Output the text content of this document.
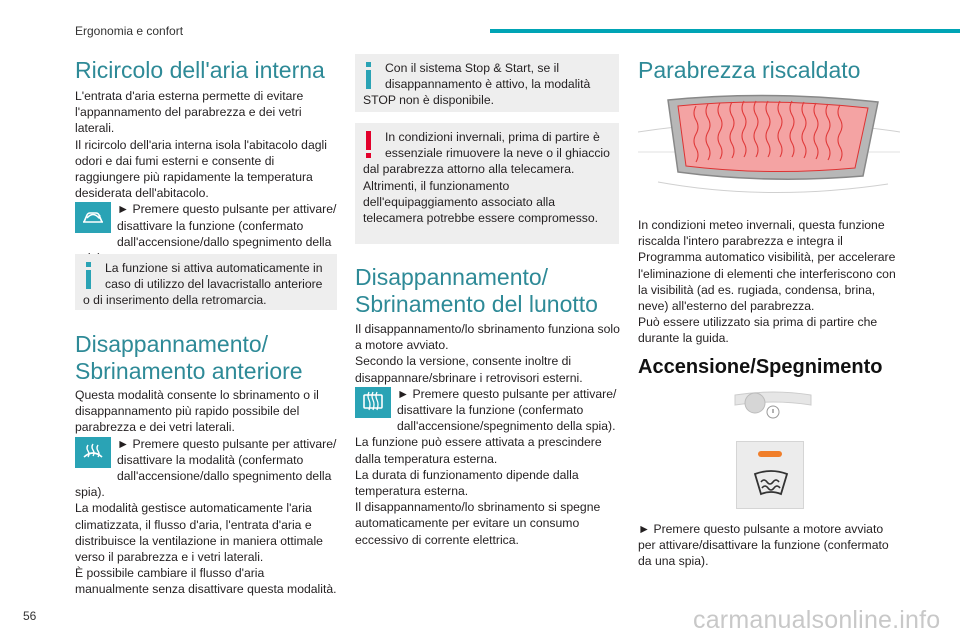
Ergonomia e confort
Ricircolo dell'aria interna

L'entrata d'aria esterna permette di evitare l'appannamento del parabrezza e dei vetri laterali.

Il ricircolo dell'aria interna isola l'abitacolo dagli odori e dai fumi esterni e consente di raggiungere più rapidamente la temperatura desiderata dell'abitacolo.

► Premere questo pulsante per attivare/ disattivare la funzione (confermato dall'accensione/dallo spegnimento della

La funzione si attiva automaticamente in caso di utilizzo del lavacristallo anteriore o di inserimento della retromarcia.

Disappannamento/
Sbrinamento anteriore

Questa modalità consente lo sbrinamento o il disappannamento più rapido possibile del parabrezza e dei vetri laterali.

► Premere questo pulsante per attivare/ disattivare la modalità (confermato dall'accensione/dallo spegnimento della spia).

La modalità gestisce automaticamente l'aria climatizzata, il flusso d'aria, l'entrata d'aria e distribuisce la ventilazione in maniera ottimale verso il parabrezza e i vetri laterali.

È possibile cambiare il flusso d'aria manualmente senza disattivare questa modalità.

Con il sistema Stop & Start, se il disappannamento è attivo, la modalità STOP non è disponibile.

In condizioni invernali, prima di partire è essenziale rimuovere la neve o il ghiaccio dal parabrezza attorno alla telecamera. Altrimenti, il funzionamento dell'equipaggiamento associato alla telecamera potrebbe essere compromesso.

Disappannamento/
Sbrinamento del lunotto

Il disappannamento/lo sbrinamento funziona solo a motore avviato.

Secondo la versione, consente inoltre di disappannare/sbrinare i retrovisori esterni.

► Premere questo pulsante per attivare/ disattivare la funzione (confermato dall'accensione/spegnimento della spia).

La funzione può essere attivata a prescindere dalla temperatura esterna.

La durata di funzionamento dipende dalla temperatura esterna.

Il disappannamento/lo sbrinamento si spegne automaticamente per evitare un consumo eccessivo di corrente elettrica.

Parabrezza riscaldato

In condizioni meteo invernali, questa funzione riscalda l'intero parabrezza e integra il Programma automatico visibilità, per accelerare l'eliminazione di elementi che interferiscono con la visibilità (ad es. rugiada, condensa, brina, neve) all'esterno del parabrezza.

Può essere utilizzato sia prima di partire che durante la guida.

Accensione/Spegnimento
► Premere questo pulsante a motore avviato per attivare/disattivare la funzione (confermato da una spia).
56	carmanualsonline.info
